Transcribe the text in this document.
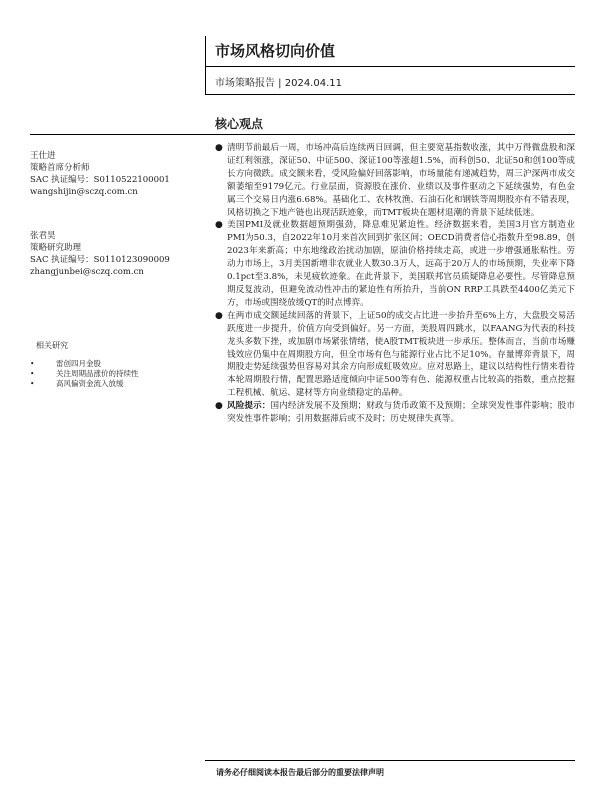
市场风格切向价值
市场策略报告 | 2024.04.11
核心观点
王仕进
策略首席分析师
SAC 执证编号：S0110522100001
wangshijin@sczq.com.cn
张君昊
策略研究助理
SAC 执证编号：S0110123090009
zhangjunbei@sczq.com.cn
相关研究
• 雷创四月金股
• 关注周期品涨价的持续性
• 高风偏资金流入放缓
● 清明节前最后一周，市场冲高后连续两日回调，但主要宽基指数收涨，其中万得微盘股和深证红利领涨，深证50、中证500、深证100等涨超1.5%，而科创50、北证50和创100等成长方向微跌。成交额来看，受风险偏好回落影响，市场量能有递减趋势，周三沪深两市成交额萎缩至9179亿元。行业层面，资源股在涨价、业绩以及事件驱动之下延续强势，有色金属三个交易日内涨6.68%。基础化工、农林牧渔、石油石化和钢铁等周期股亦有不错表现，风格切换之下地产链也出现活跃迹象，而TMT板块在题材退潮的背景下延续低迷。
● 美国PMI及就业数据超预期强劲，降息难见紧迫性。经济数据来看，美国3月官方制造业PMI为50.3，自2022年10月来首次回到扩张区间；OECD消费者信心指数升至98.89，创2023年来新高；中东地缘政治扰动加剧，原油价格持续走高，或进一步增强通胀粘性。劳动力市场上，3月美国新增非农就业人数30.3万人，远高于20万人的市场预期，失业率下降0.1pct至3.8%，未见疲软迹象。在此背景下，美国联邦官员质疑降息必要性。尽管降息预期反复波动，但避免流动性冲击的紧迫性有所抬升，当前ON RRP工具跌至4400亿美元下方，市场或围绕放缓QT的时点博弈。
● 在两市成交额延续回落的背景下，上证50的成交占比进一步抬升至6%上方，大盘股交易活跃度进一步提升，价值方向受到偏好。另一方面，美股周四跳水，以FAANG为代表的科技龙头多数下挫，或加剧市场紧张情绪，使A股TMT板块进一步承压。整体而言，当前市场赚钱效应仍集中在周期股方向，但全市场有色与能源行业占比不足10%。存量博弈背景下，周期股走势延续强势但容易对其余方向形成虹吸效应。应对思路上，建议以结构性行情来看待本轮周期股行情，配置思路适度倾向中证500等有色、能源权重占比较高的指数，重点挖掘工程机械、航运、建材等方向业绩稳定的品种。
● 风险提示：国内经济发展不及预期；财政与货币政策不及预期；全球突发性事件影响；股市突发性事件影响；引用数据滞后或不及时；历史规律失真等。
请务必仔细阅读本报告最后部分的重要法律声明
